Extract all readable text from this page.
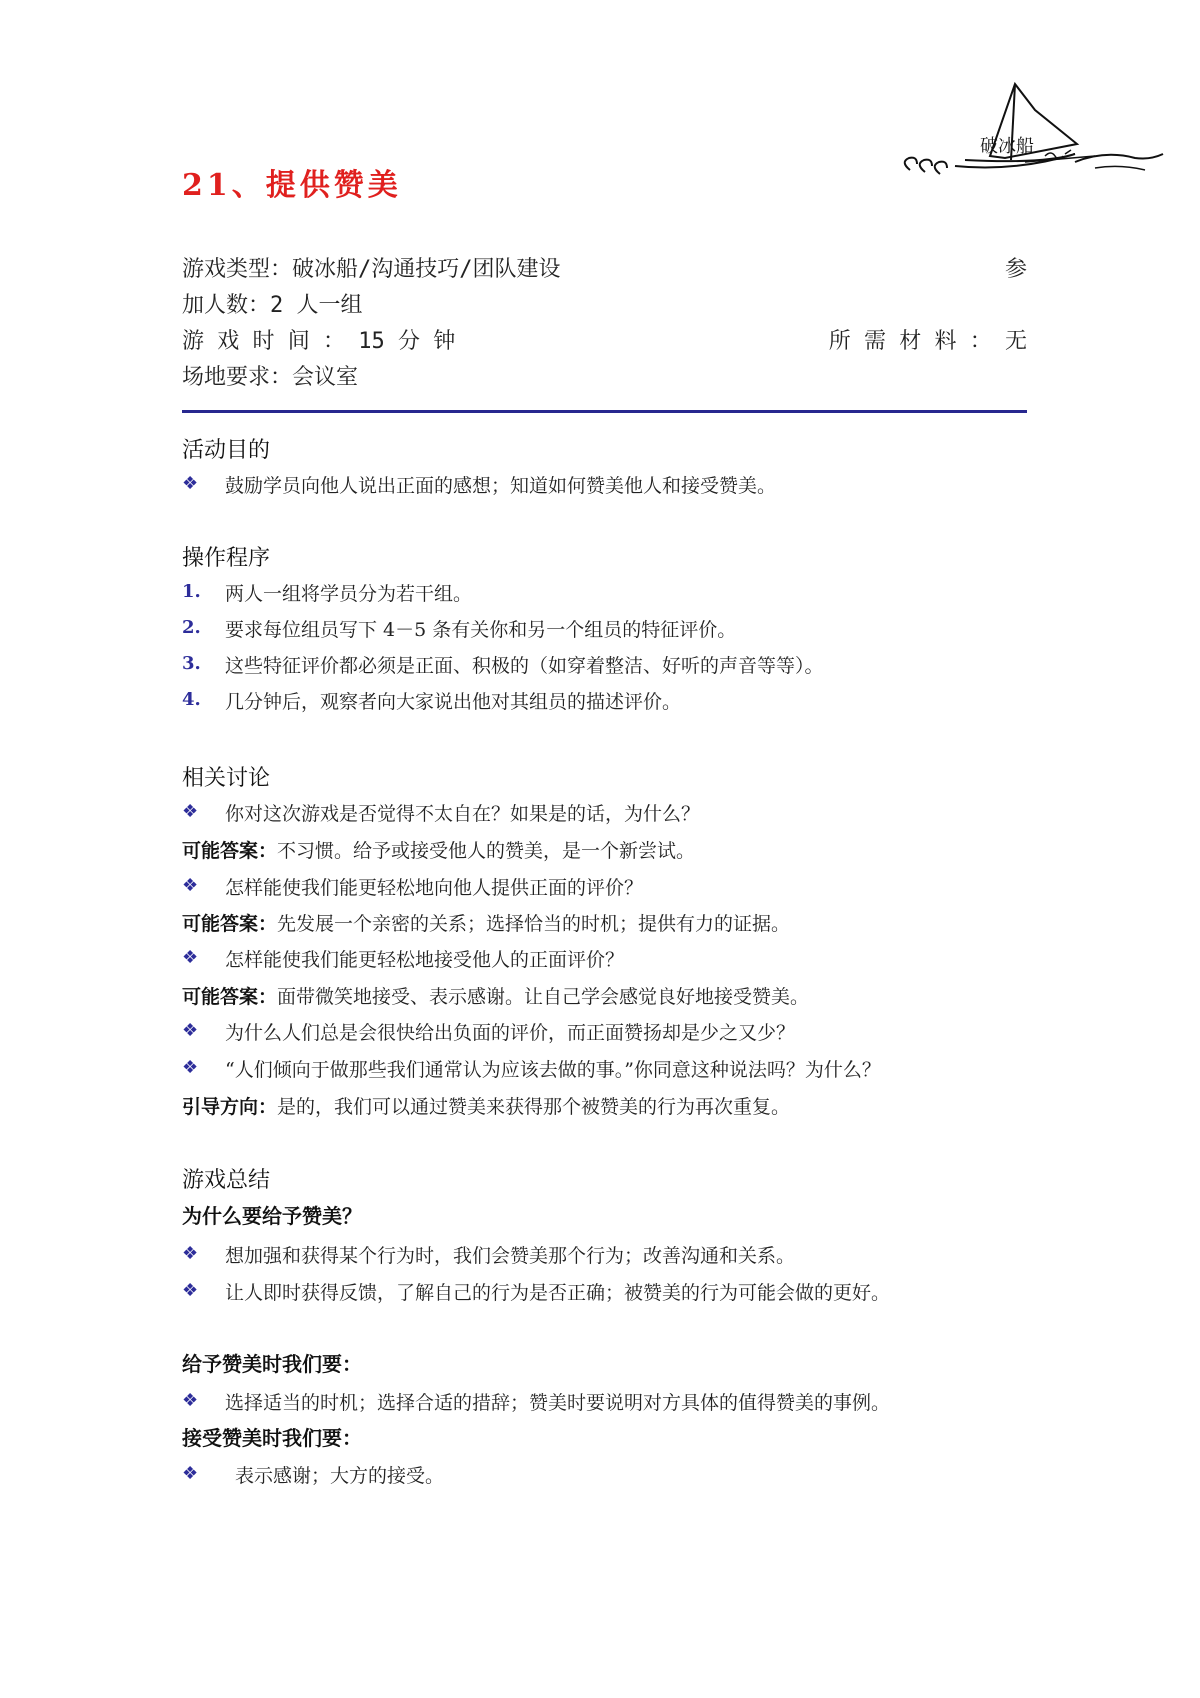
破冰船
21、提供赞美
游戏类型：破冰船/沟通技巧/团队建设	参
加人数：2 人一组
游 戏 时 间 ： 15 分 钟	所 需 材 料 ： 无
场地要求：会议室
活动目的
❖ 鼓励学员向他人说出正面的感想；知道如何赞美他人和接受赞美。
操作程序
1. 两人一组将学员分为若干组。
2. 要求每位组员写下 4－5 条有关你和另一个组员的特征评价。
3. 这些特征评价都必须是正面、积极的（如穿着整洁、好听的声音等等）。
4. 几分钟后，观察者向大家说出他对其组员的描述评价。
相关讨论
❖ 你对这次游戏是否觉得不太自在？如果是的话，为什么？
可能答案：不习惯。给予或接受他人的赞美，是一个新尝试。
❖ 怎样能使我们能更轻松地向他人提供正面的评价？
可能答案：先发展一个亲密的关系；选择恰当的时机；提供有力的证据。
❖ 怎样能使我们能更轻松地接受他人的正面评价？
可能答案：面带微笑地接受、表示感谢。让自己学会感觉良好地接受赞美。
❖ 为什么人们总是会很快给出负面的评价，而正面赞扬却是少之又少？
❖ “人们倾向于做那些我们通常认为应该去做的事。”你同意这种说法吗？为什么？
引导方向：是的，我们可以通过赞美来获得那个被赞美的行为再次重复。
游戏总结
为什么要给予赞美？
❖ 想加强和获得某个行为时，我们会赞美那个行为；改善沟通和关系。
❖ 让人即时获得反馈，了解自己的行为是否正确；被赞美的行为可能会做的更好。
给予赞美时我们要：
❖ 选择适当的时机；选择合适的措辞；赞美时要说明对方具体的值得赞美的事例。
接受赞美时我们要：
❖ 表示感谢；大方的接受。
